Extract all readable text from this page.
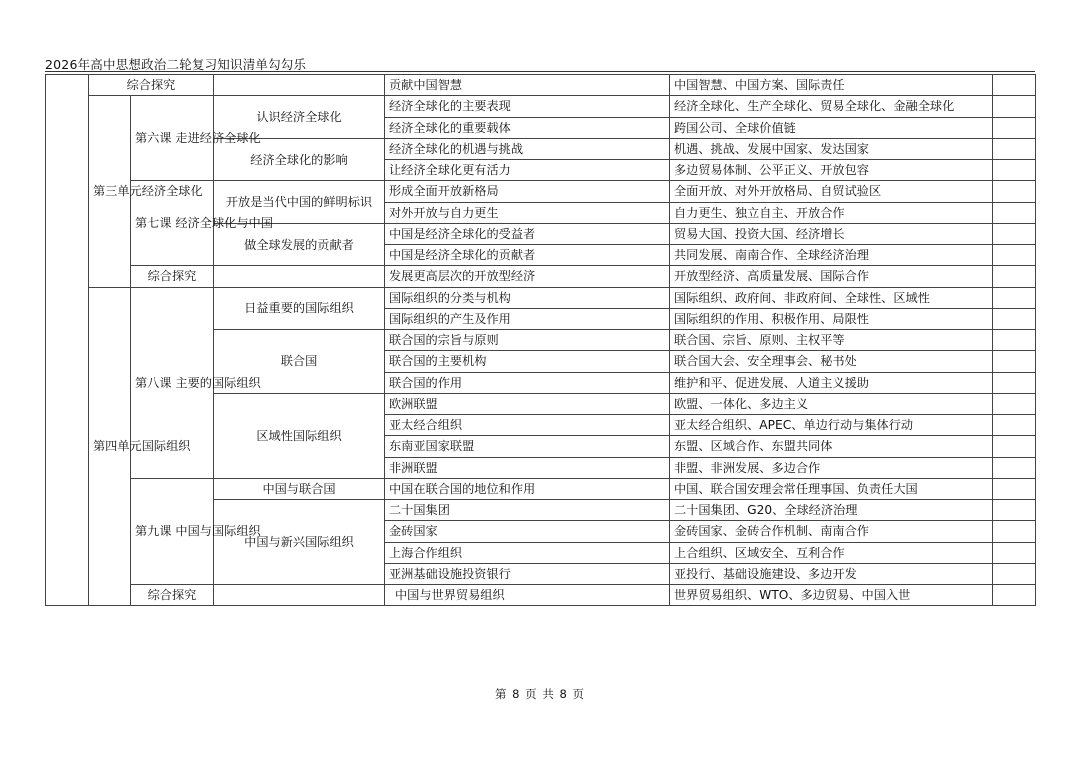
2026年高中思想政治二轮复习知识清单勾勾乐
	综合探究			贡献中国智慧	中国智慧、中国方案、国际责任	
	第三单元经济全球化	第六课 走进经济全球化	认识经济全球化	经济全球化的主要表现	经济全球化、生产全球化、贸易全球化、金融全球化	
				经济全球化的重要载体	跨国公司、全球价值链	
			经济全球化的影响	经济全球化的机遇与挑战	机遇、挑战、发展中国家、发达国家	
				让经济全球化更有活力	多边贸易体制、公平正义、开放包容	
		第七课 经济全球化与中国	开放是当代中国的鲜明标识	形成全面开放新格局	全面开放、对外开放格局、自贸试验区	
				对外开放与自力更生	自力更生、独立自主、开放合作	
			做全球发展的贡献者	中国是经济全球化的受益者	贸易大国、投资大国、经济增长	
				中国是经济全球化的贡献者	共同发展、南南合作、全球经济治理	
		综合探究		发展更高层次的开放型经济	开放型经济、高质量发展、国际合作	
	第四单元国际组织	第八课 主要的国际组织	日益重要的国际组织	国际组织的分类与机构	国际组织、政府间、非政府间、全球性、区域性	
				国际组织的产生及作用	国际组织的作用、积极作用、局限性	
			联合国	联合国的宗旨与原则	联合国、宗旨、原则、主权平等	
				联合国的主要机构	联合国大会、安全理事会、秘书处	
				联合国的作用	维护和平、促进发展、人道主义援助	
			区域性国际组织	欧洲联盟	欧盟、一体化、多边主义	
				亚太经合组织	亚太经合组织、APEC、单边行动与集体行动	
				东南亚国家联盟	东盟、区域合作、东盟共同体	
				非洲联盟	非盟、非洲发展、多边合作	
		第九课 中国与国际组织	中国与联合国	中国在联合国的地位和作用	中国、联合国安理会常任理事国、负责任大国	
			中国与新兴国际组织	二十国集团	二十国集团、G20、全球经济治理	
				金砖国家	金砖国家、金砖合作机制、南南合作	
				上海合作组织	上合组织、区域安全、互利合作	
				亚洲基础设施投资银行	亚投行、基础设施建设、多边开发	
		综合探究		中国与世界贸易组织	世界贸易组织、WTO、多边贸易、中国入世	
第 8 页 共 8 页
